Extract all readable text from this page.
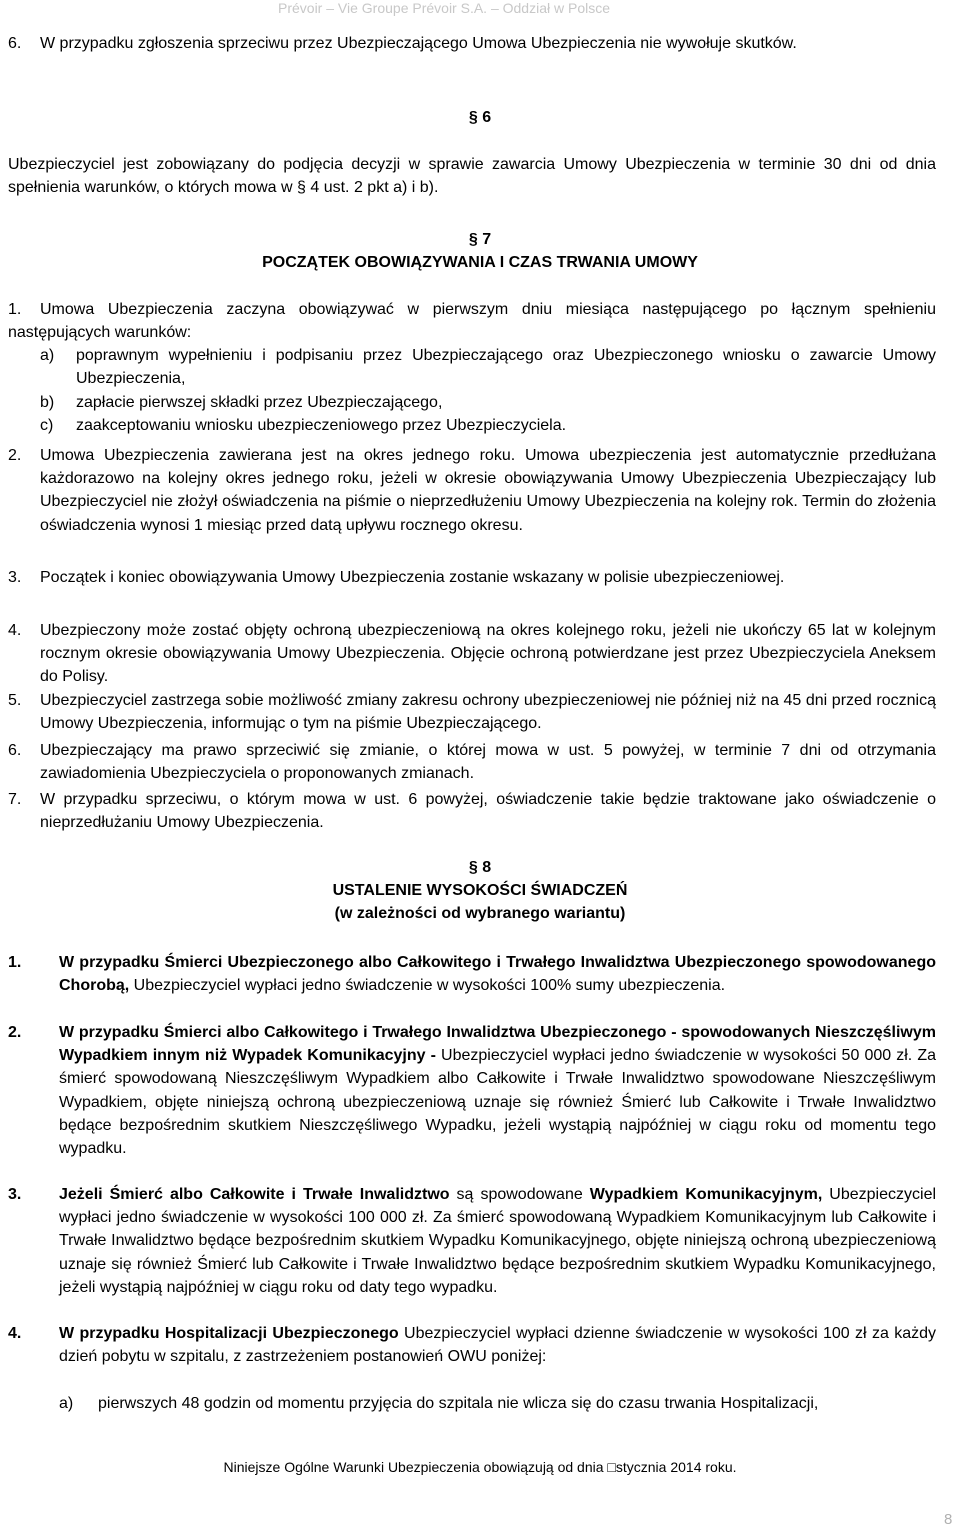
Prévoir – Vie Groupe Prévoir S.A. – Oddział w Polsce
6. W przypadku zgłoszenia sprzeciwu przez Ubezpieczającego Umowa Ubezpieczenia nie wywołuje skutków.
§ 6
Ubezpieczyciel jest zobowiązany do podjęcia decyzji w sprawie zawarcia Umowy Ubezpieczenia w terminie 30 dni od dnia spełnienia warunków, o których mowa w § 4 ust. 2 pkt a) i b).
§ 7
POCZĄTEK OBOWIĄZYWANIA I CZAS TRWANIA UMOWY
1.	Umowa Ubezpieczenia zaczyna obowiązywać w pierwszym dniu miesiąca następującego po łącznym spełnieniu następujących warunków:
a) poprawnym wypełnieniu i podpisaniu przez Ubezpieczającego oraz Ubezpieczonego wniosku o zawarcie Umowy Ubezpieczenia,
b) zapłacie pierwszej składki przez Ubezpieczającego,
c) zaakceptowaniu wniosku ubezpieczeniowego przez Ubezpieczyciela.
2. Umowa Ubezpieczenia zawierana jest na okres jednego roku. Umowa ubezpieczenia jest automatycznie przedłużana każdorazowo na kolejny okres jednego roku, jeżeli w okresie obowiązywania Umowy Ubezpieczenia Ubezpieczający lub Ubezpieczyciel nie złożył oświadczenia na piśmie o nieprzedłużeniu Umowy Ubezpieczenia na kolejny rok. Termin do złożenia oświadczenia wynosi 1 miesiąc przed datą upływu rocznego okresu.
3. Początek i koniec obowiązywania Umowy Ubezpieczenia zostanie wskazany w polisie ubezpieczeniowej.
4. Ubezpieczony może zostać objęty ochroną ubezpieczeniową na okres kolejnego roku, jeżeli nie ukończy 65 lat w kolejnym rocznym okresie obowiązywania Umowy Ubezpieczenia. Objęcie ochroną potwierdzane jest przez Ubezpieczyciela Aneksem do Polisy.
5. Ubezpieczyciel zastrzega sobie możliwość zmiany zakresu ochrony ubezpieczeniowej nie później niż na 45 dni przed rocznicą Umowy Ubezpieczenia, informując o tym na piśmie Ubezpieczającego.
6. Ubezpieczający ma prawo sprzeciwić się zmianie, o której mowa w ust. 5 powyżej, w terminie 7 dni od otrzymania zawiadomienia Ubezpieczyciela o proponowanych zmianach.
7. W przypadku sprzeciwu, o którym mowa w ust. 6 powyżej, oświadczenie takie będzie traktowane jako oświadczenie o nieprzedłużaniu Umowy Ubezpieczenia.
§ 8
USTALENIE WYSOKOŚCI ŚWIADCZEŃ
(w zależności od wybranego wariantu)
1. W przypadku Śmierci Ubezpieczonego albo Całkowitego i Trwałego Inwalidztwa Ubezpieczonego spowodowanego Chorobą, Ubezpieczyciel wypłaci jedno świadczenie w wysokości 100% sumy ubezpieczenia.
2. W przypadku Śmierci albo Całkowitego i Trwałego Inwalidztwa Ubezpieczonego - spowodowanych Nieszczęśliwym Wypadkiem innym niż Wypadek Komunikacyjny - Ubezpieczyciel wypłaci jedno świadczenie w wysokości 50 000 zł. Za śmierć spowodowaną Nieszczęśliwym Wypadkiem albo Całkowite i Trwałe Inwalidztwo spowodowane Nieszczęśliwym Wypadkiem, objęte niniejszą ochroną ubezpieczeniową uznaje się również Śmierć lub Całkowite i Trwałe Inwalidztwo będące bezpośrednim skutkiem Nieszczęśliwego Wypadku, jeżeli wystąpią najpóźniej w ciągu roku od momentu tego wypadku.
3. Jeżeli Śmierć albo Całkowite i Trwałe Inwalidztwo są spowodowane Wypadkiem Komunikacyjnym, Ubezpieczyciel wypłaci jedno świadczenie w wysokości 100 000 zł. Za śmierć spowodowaną Wypadkiem Komunikacyjnym lub Całkowite i Trwałe Inwalidztwo będące bezpośrednim skutkiem Wypadku Komunikacyjnego, objęte niniejszą ochroną ubezpieczeniową uznaje się również Śmierć lub Całkowite i Trwałe Inwalidztwo będące bezpośrednim skutkiem Wypadku Komunikacyjnego, jeżeli wystąpią najpóźniej w ciągu roku od daty tego wypadku.
4. W przypadku Hospitalizacji Ubezpieczonego Ubezpieczyciel wypłaci dzienne świadczenie w wysokości 100 zł za każdy dzień pobytu w szpitalu, z zastrzeżeniem postanowień OWU poniżej:
a) pierwszych 48 godzin od momentu przyjęcia do szpitala nie wlicza się do czasu trwania Hospitalizacji,
Niniejsze Ogólne Warunki Ubezpieczenia obowiązują od dnia □stycznia 2014 roku.
8
